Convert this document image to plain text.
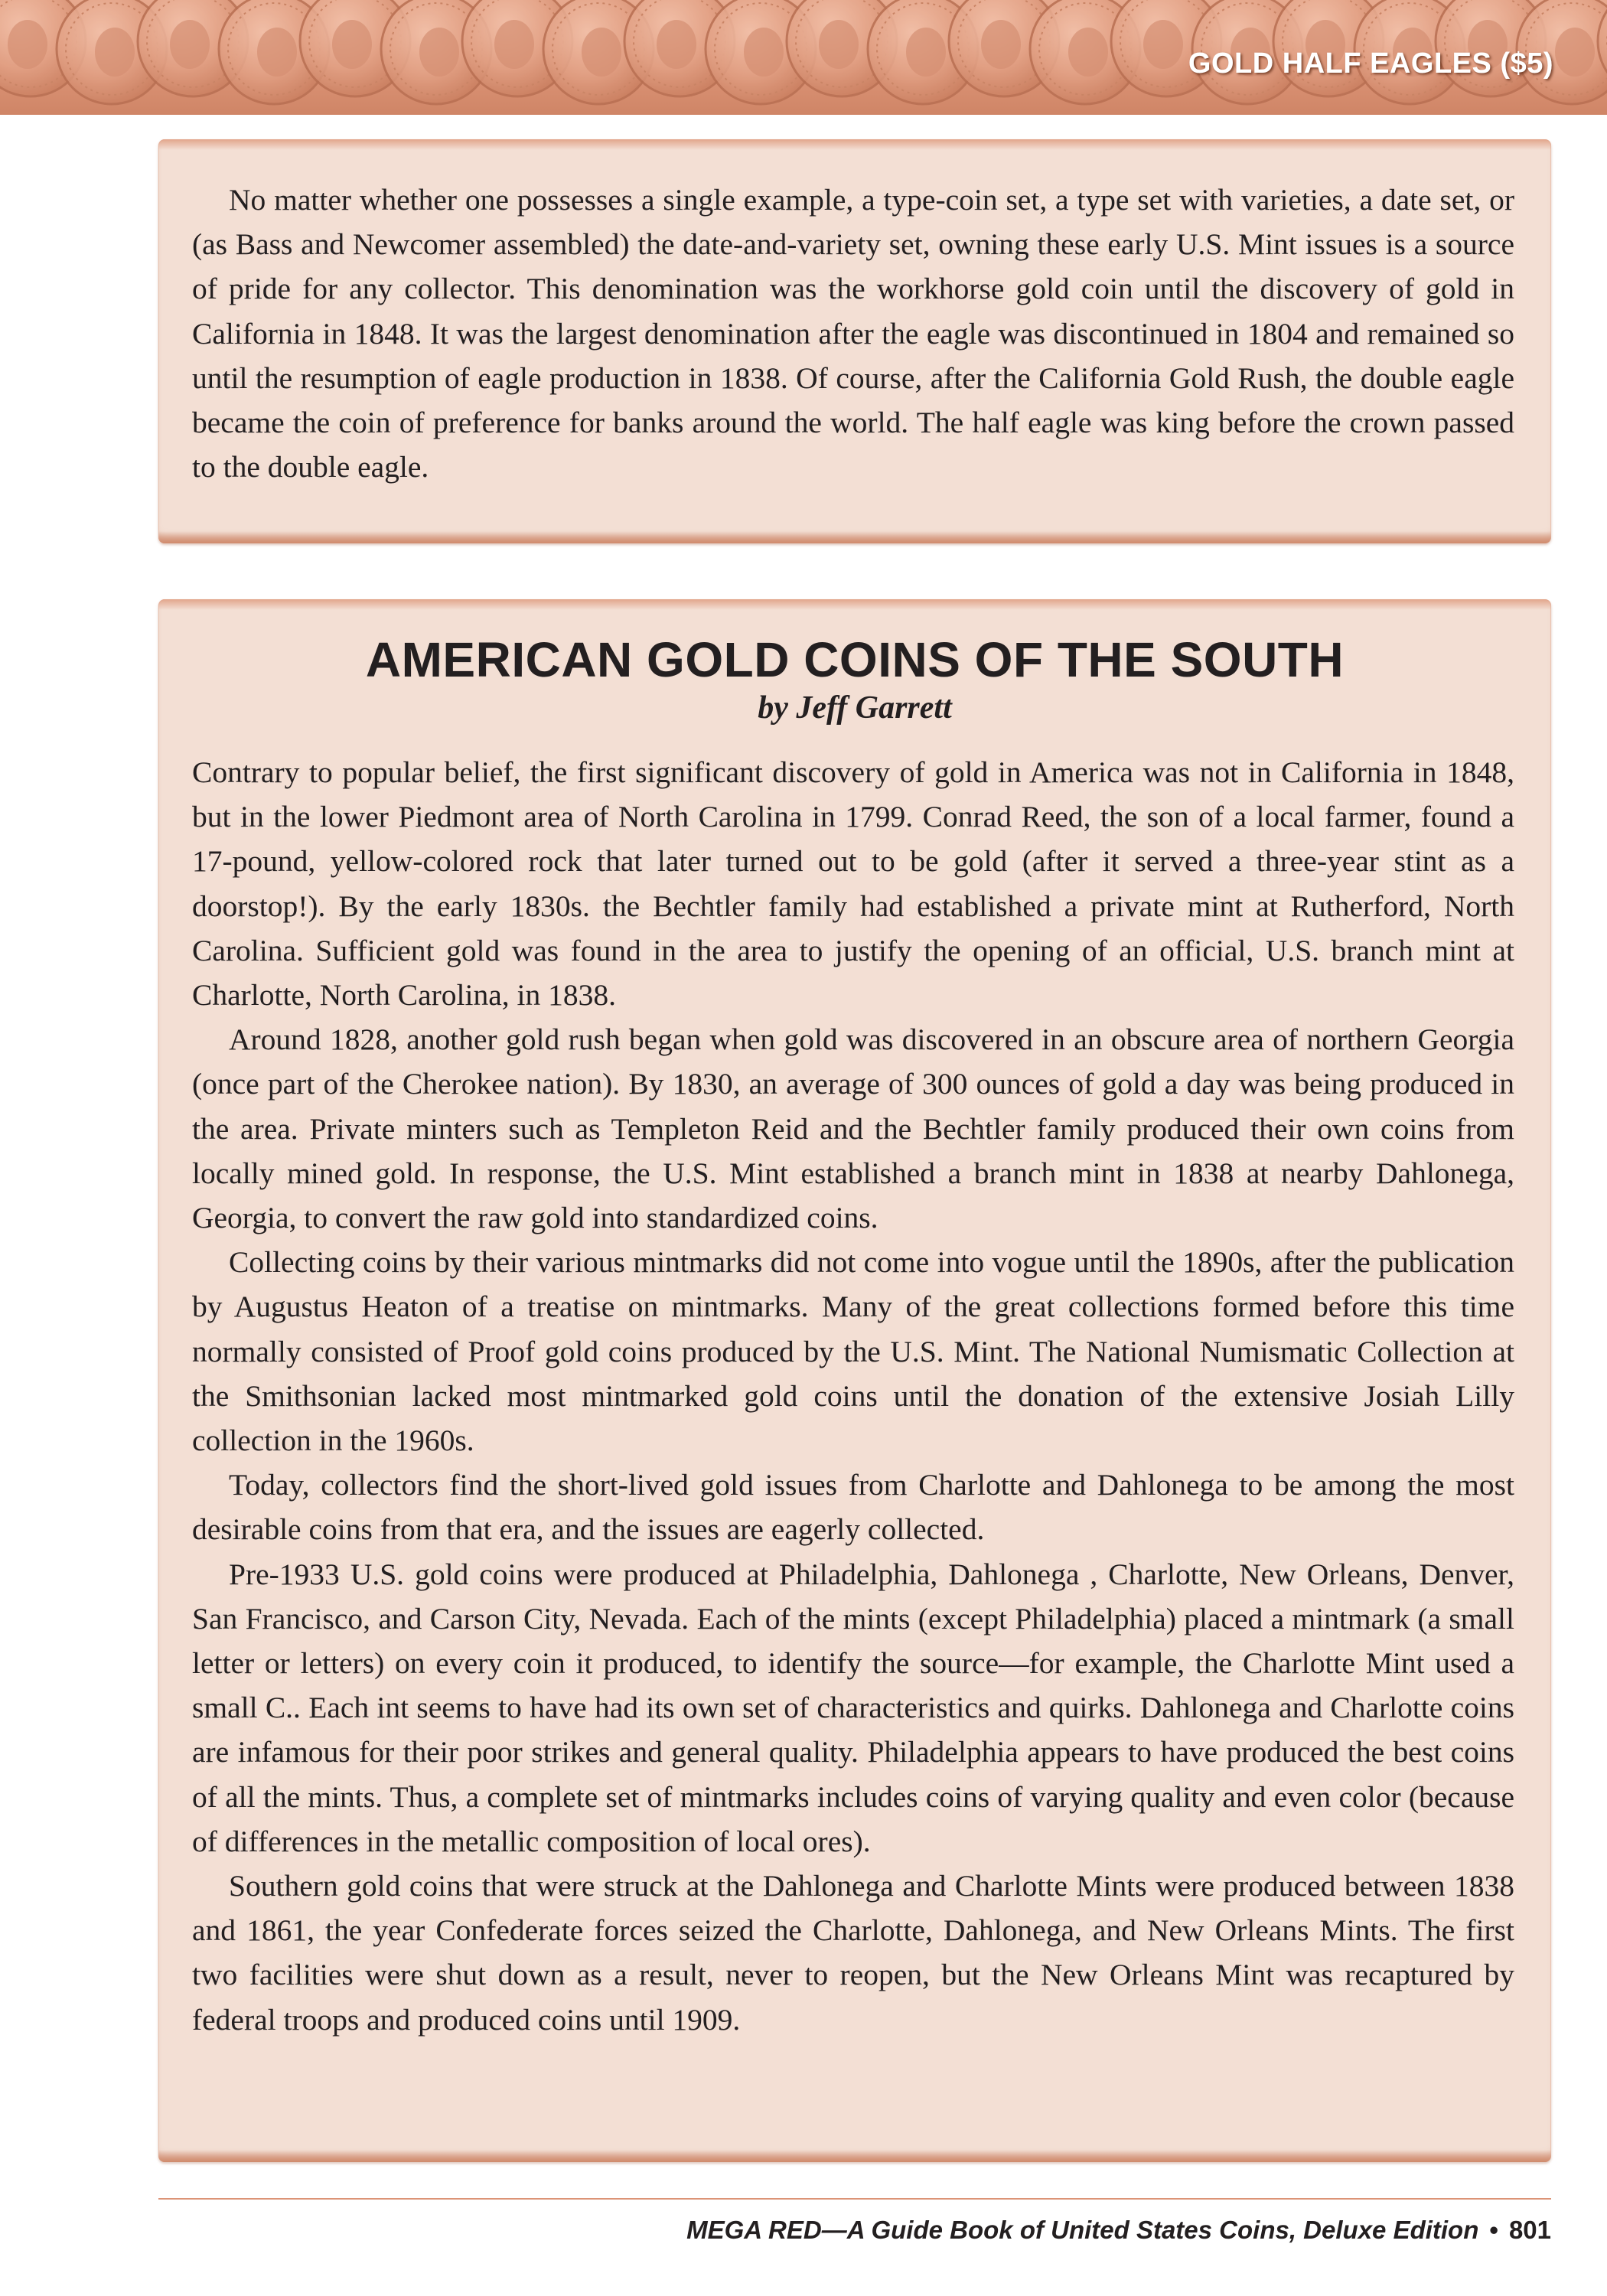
GOLD HALF EAGLES ($5)

No matter whether one possesses a single example, a type-coin set, a type set with varieties, a date set, or (as Bass and Newcomer assembled) the date-and-variety set, owning these early U.S. Mint issues is a source of pride for any collector. This denomination was the workhorse gold coin until the discovery of gold in California in 1848. It was the largest denomination after the eagle was discontinued in 1804 and remained so until the resumption of eagle production in 1838. Of course, after the California Gold Rush, the double eagle became the coin of preference for banks around the world. The half eagle was king before the crown passed to the double eagle.

AMERICAN GOLD COINS OF THE SOUTH
by Jeff Garrett

Contrary to popular belief, the first significant discovery of gold in America was not in California in 1848, but in the lower Piedmont area of North Carolina in 1799. Conrad Reed, the son of a local farmer, found a 17-pound, yellow-colored rock that later turned out to be gold (after it served a three-year stint as a doorstop!). By the early 1830s. the Bechtler family had established a private mint at Rutherford, North Carolina. Sufficient gold was found in the area to justify the opening of an official, U.S. branch mint at Charlotte, North Carolina, in 1838.

Around 1828, another gold rush began when gold was discovered in an obscure area of northern Georgia (once part of the Cherokee nation). By 1830, an average of 300 ounces of gold a day was being produced in the area. Private minters such as Templeton Reid and the Bechtler family produced their own coins from locally mined gold. In response, the U.S. Mint established a branch mint in 1838 at nearby Dahlonega, Georgia, to convert the raw gold into standardized coins.

Collecting coins by their various mintmarks did not come into vogue until the 1890s, after the publication by Augustus Heaton of a treatise on mintmarks. Many of the great collections formed before this time normally consisted of Proof gold coins produced by the U.S. Mint. The National Numismatic Collection at the Smithsonian lacked most mintmarked gold coins until the donation of the extensive Josiah Lilly collection in the 1960s.

Today, collectors find the short-lived gold issues from Charlotte and Dahlonega to be among the most desirable coins from that era, and the issues are eagerly collected.

Pre-1933 U.S. gold coins were produced at Philadelphia, Dahlonega , Charlotte, New Orleans, Denver, San Francisco, and Carson City, Nevada. Each of the mints (except Philadelphia) placed a mintmark (a small letter or letters) on every coin it produced, to identify the source—for example, the Charlotte Mint used a small C.. Each int seems to have had its own set of characteristics and quirks. Dahlonega and Charlotte coins are infamous for their poor strikes and general quality. Philadelphia appears to have produced the best coins of all the mints. Thus, a complete set of mintmarks includes coins of varying quality and even color (because of differences in the metallic composition of local ores).

Southern gold coins that were struck at the Dahlonega and Charlotte Mints were produced between 1838 and 1861, the year Confederate forces seized the Charlotte, Dahlonega, and New Orleans Mints. The first two facilities were shut down as a result, never to reopen, but the New Orleans Mint was recaptured by federal troops and produced coins until 1909.

MEGA RED—A Guide Book of United States Coins, Deluxe Edition • 801
